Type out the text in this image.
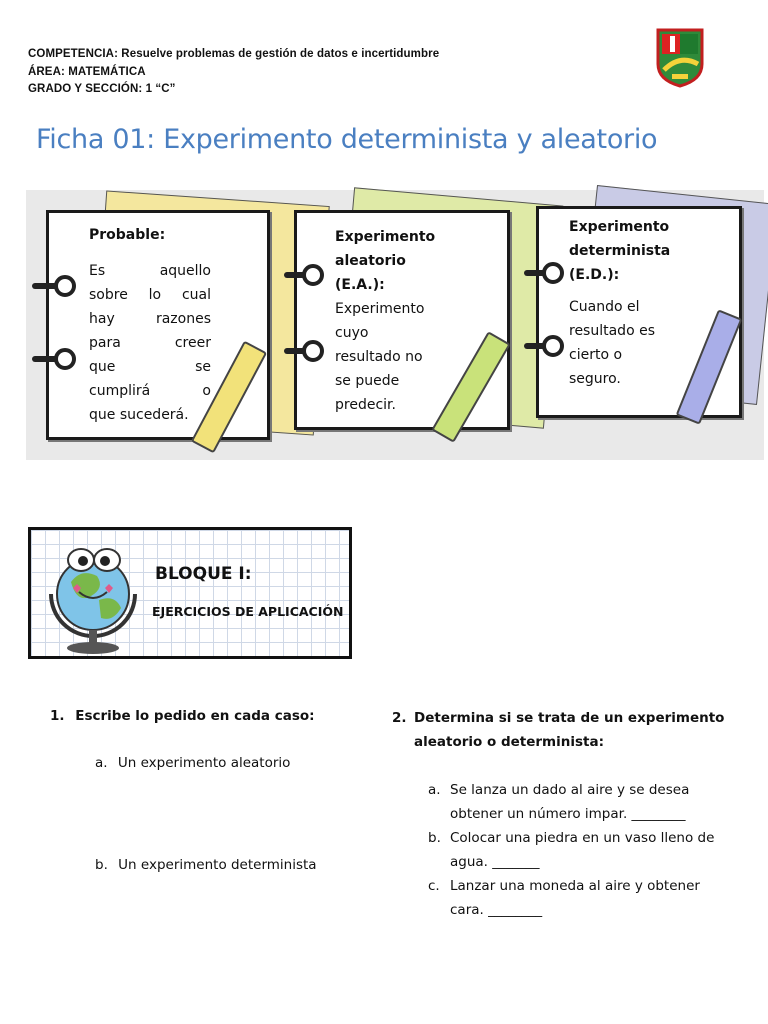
COMPETENCIA: Resuelve problemas de gestión de datos e incertidumbre
ÁREA: MATEMÁTICA
GRADO Y SECCIÓN: 1 “C”
Ficha 01: Experimento determinista y aleatorio
Probable:
Es aquello
sobre lo cual
hay razones
para creer
que se
cumplirá o
que sucederá.
Experimento
aleatorio
(E.A.):
Experimento
cuyo
resultado no
se puede
predecir.
Experimento
determinista
(E.D.):
Cuando el
resultado es
cierto o
seguro.
BLOQUE I:
EJERCICIOS DE APLICACIÓN
1. Escribe lo pedido en cada caso:
a. Un experimento aleatorio
b. Un experimento determinista
2. Determina si se trata de un experimento
aleatorio o determinista:
a. Se lanza un dado al aire y se desea
obtener un número impar. ________
b. Colocar una piedra en un vaso lleno de
agua. _______
c. Lanzar una moneda al aire y obtener
cara. ________
